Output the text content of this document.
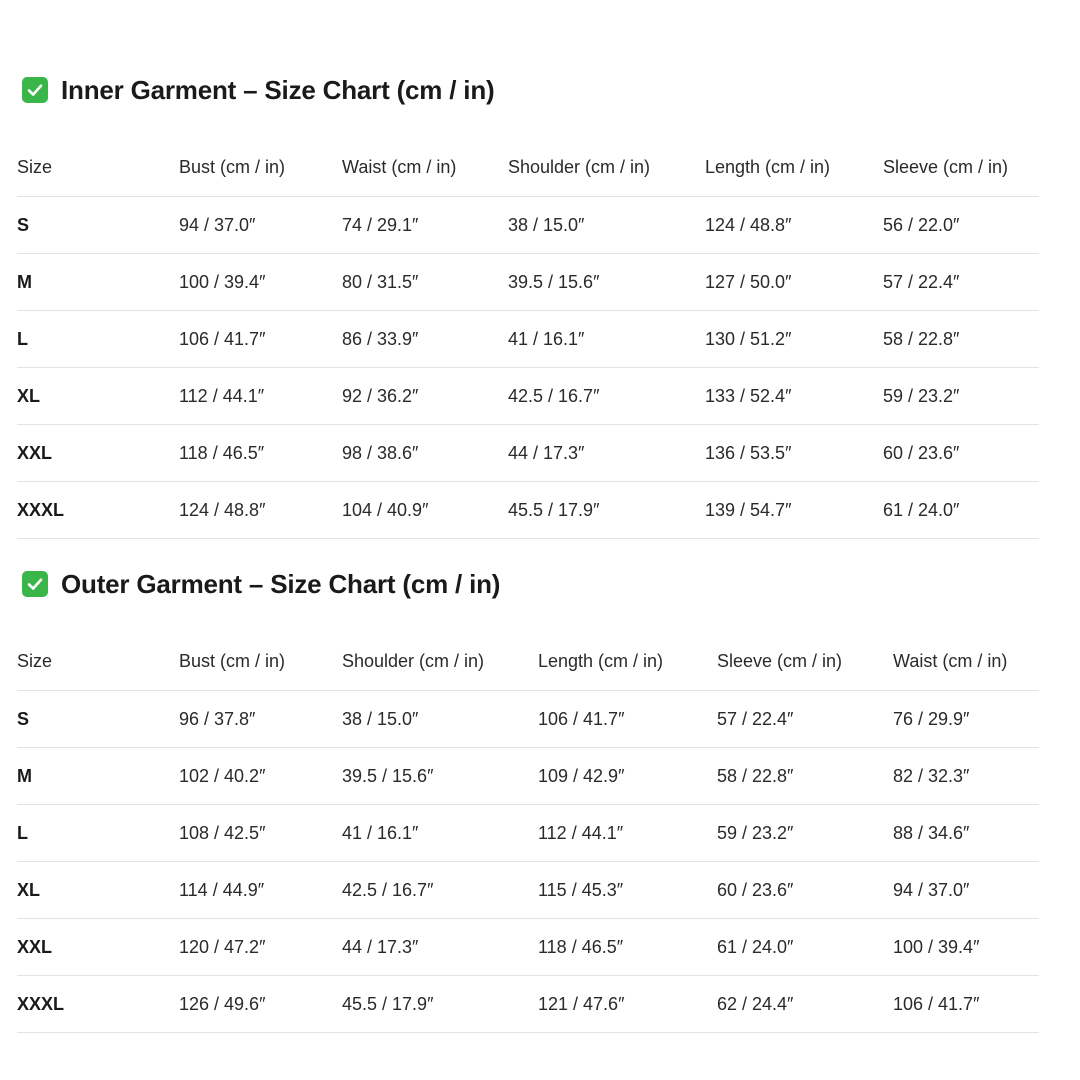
Inner Garment – Size Chart (cm / in)
Size	Bust (cm / in)	Waist (cm / in)	Shoulder (cm / in)	Length (cm / in)	Sleeve (cm / in)
S	94 / 37.0″	74 / 29.1″	38 / 15.0″	124 / 48.8″	56 / 22.0″
M	100 / 39.4″	80 / 31.5″	39.5 / 15.6″	127 / 50.0″	57 / 22.4″
L	106 / 41.7″	86 / 33.9″	41 / 16.1″	130 / 51.2″	58 / 22.8″
XL	112 / 44.1″	92 / 36.2″	42.5 / 16.7″	133 / 52.4″	59 / 23.2″
XXL	118 / 46.5″	98 / 38.6″	44 / 17.3″	136 / 53.5″	60 / 23.6″
XXXL	124 / 48.8″	104 / 40.9″	45.5 / 17.9″	139 / 54.7″	61 / 24.0″
Outer Garment – Size Chart (cm / in)
Size	Bust (cm / in)	Shoulder (cm / in)	Length (cm / in)	Sleeve (cm / in)	Waist (cm / in)
S	96 / 37.8″	38 / 15.0″	106 / 41.7″	57 / 22.4″	76 / 29.9″
M	102 / 40.2″	39.5 / 15.6″	109 / 42.9″	58 / 22.8″	82 / 32.3″
L	108 / 42.5″	41 / 16.1″	112 / 44.1″	59 / 23.2″	88 / 34.6″
XL	114 / 44.9″	42.5 / 16.7″	115 / 45.3″	60 / 23.6″	94 / 37.0″
XXL	120 / 47.2″	44 / 17.3″	118 / 46.5″	61 / 24.0″	100 / 39.4″
XXXL	126 / 49.6″	45.5 / 17.9″	121 / 47.6″	62 / 24.4″	106 / 41.7″
